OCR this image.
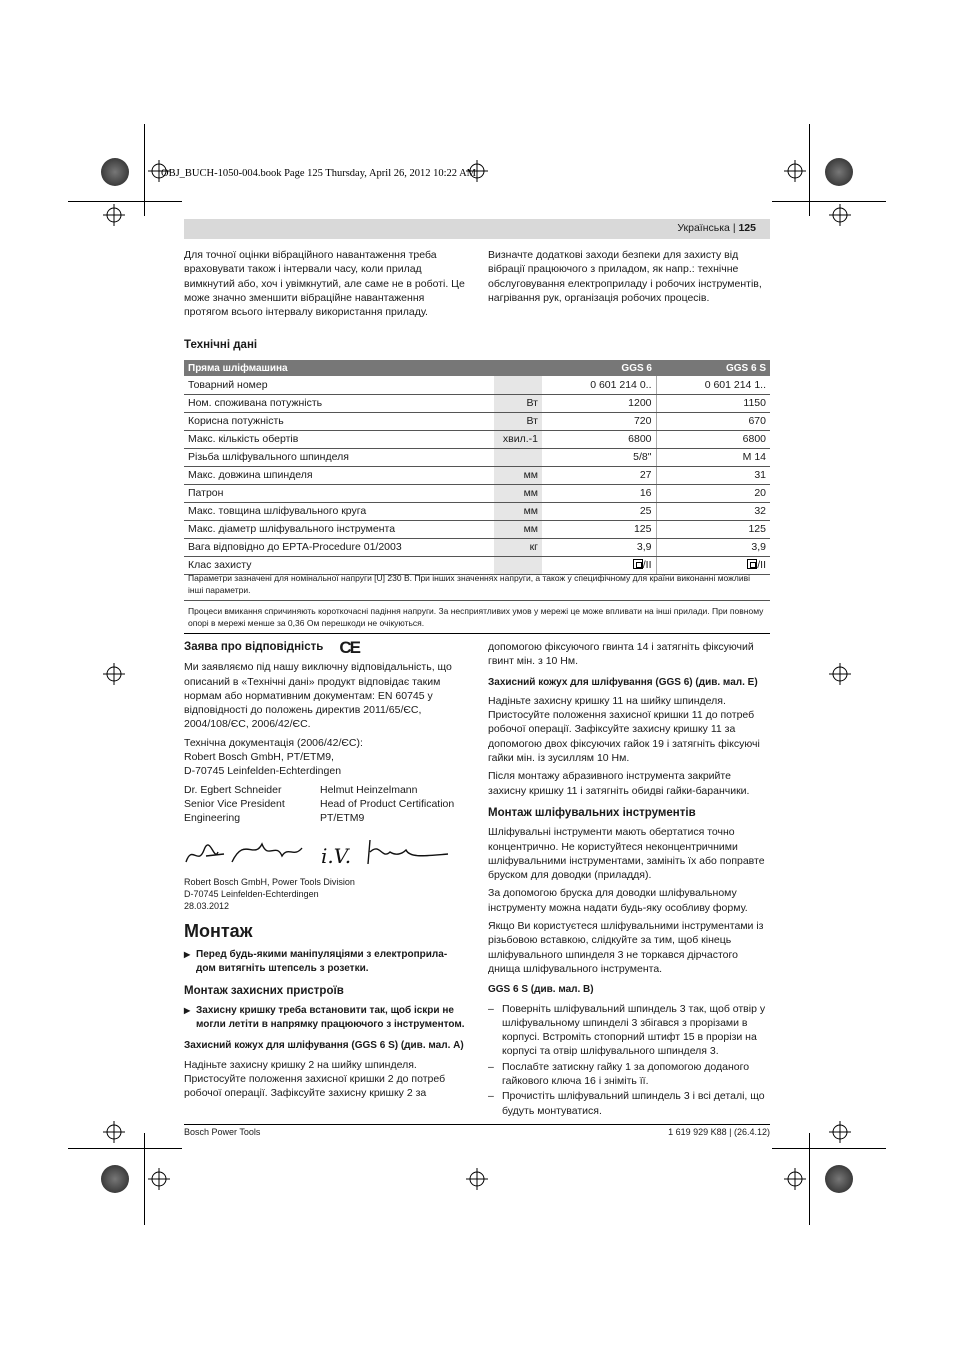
OBJ_BUCH-1050-004.book Page 125 Thursday, April 26, 2012 10:22 AM
Українська | 125
Для точної оцінки вібраційного навантаження треба враховувати також і інтервали часу, коли прилад вимкнутий або, хоч і увімкнутий, але саме не в роботі. Це може значно зменшити вібраційне навантаження протягом всього інтервалу використання приладу.
Визначте додаткові заходи безпеки для захисту від вібрації працюючого з приладом, як напр.: технічне обслуговування електроприладу і робочих інструментів, нагрівання рук, організація робочих процесів.
Технічні дані
Пряма шліфмашина		GGS 6	GGS 6 S
Товарний номер		0 601 214 0..	0 601 214 1..
Ном. споживана потужність	Вт	1200	1150
Корисна потужність	Вт	720	670
Макс. кількість обертів	хвил.-1	6800	6800
Різьба шліфувального шпинделя		5/8"	M 14
Макс. довжина шпинделя	мм	27	31
Патрон	мм	16	20
Макс. товщина шліфувального круга	мм	25	32
Макс. діаметр шліфувального інструмента	мм	125	125
Вага відповідно до EPTA-Procedure 01/2003	кг	3,9	3,9
Клас захисту		/II	/II
Параметри зазначені для номінальної напруги [U] 230 В. При інших значеннях напруги, а також у специфічному для країни виконанні можливі інші параметри.
Процеси вмикання спричиняють короткочасні падіння напруги. За несприятливих умов у мережі це може впливати на інші прилади. При повному опорі в мережі менше за 0,36 Ом перешкоди не очікуються.
Заява про відповідність CE
Ми заявляємо під нашу виключну відповідальність, що описаний в «Технічні дані» продукт відповідає таким нормам або нормативним документам: EN 60745 у відповідності до положень директив 2011/65/ЄС, 2004/108/ЄС, 2006/42/ЄС.
Технічна документація (2006/42/ЄС):
Robert Bosch GmbH, PT/ETM9,
D-70745 Leinfelden-Echterdingen
Dr. Egbert Schneider
Senior Vice President
Engineering
Helmut Heinzelmann
Head of Product Certification
PT/ETM9
i.V.
Robert Bosch GmbH, Power Tools Division
D-70745 Leinfelden-Echterdingen
28.03.2012
Монтаж
▶ Перед будь-якими маніпуляціями з електроприла-дом витягніть штепсель з розетки.
Монтаж захисних пристроїв
▶ Захисну кришку треба встановити так, щоб іскри не могли летіти в напрямку працюючого з інструментом.
Захисний кожух для шліфування (GGS 6 S) (див. мал. A)
Надіньте захисну кришку 2 на шийку шпинделя. Пристосуйте положення захисної кришки 2 до потреб робочої операції. Зафіксуйте захисну кришку 2 за
допомогою фіксуючого гвинта 14 і затягніть фіксуючий гвинт мін. з 10 Нм.
Захисний кожух для шліфування (GGS 6) (див. мал. E)
Надіньте захисну кришку 11 на шийку шпинделя. Пристосуйте положення захисної кришки 11 до потреб робочої операції. Зафіксуйте захисну кришку 11 за допомогою двох фіксуючих гайок 19 і затягніть фіксуючі гайки мін. із зусиллям 10 Нм.
Після монтажу абразивного інструмента закрийте захисну кришку 11 і затягніть обидві гайки-баранчики.
Монтаж шліфувальних інструментів
Шліфувальні інструменти мають обертатися точно концентрично. Не користуйтеся неконцентричними шліфувальними інструментами, замініть їх або поправте бруском для доводки (приладдя).
За допомогою бруска для доводки шліфувальному інструменту можна надати будь-яку особливу форму.
Якщо Ви користуєтеся шліфувальними інструментами із різьбовою вставкою, слідкуйте за тим, щоб кінець шліфувального шпинделя 3 не торкався дірчастого днища шліфувального інструмента.
GGS 6 S (див. мал. B)
– Поверніть шліфувальний шпиндель 3 так, щоб отвір у шліфувальному шпинделі 3 збігався з прорізами в корпусі. Встроміть стопорний штифт 15 в прорізи на корпусі та отвір шліфувального шпинделя 3.
– Послабте затискну гайку 1 за допомогою доданого гайкового ключа 16 і зніміть її.
– Прочистіть шліфувальний шпиндель 3 і всі деталі, що будуть монтуватися.
Bosch Power Tools	1 619 929 K88 | (26.4.12)
